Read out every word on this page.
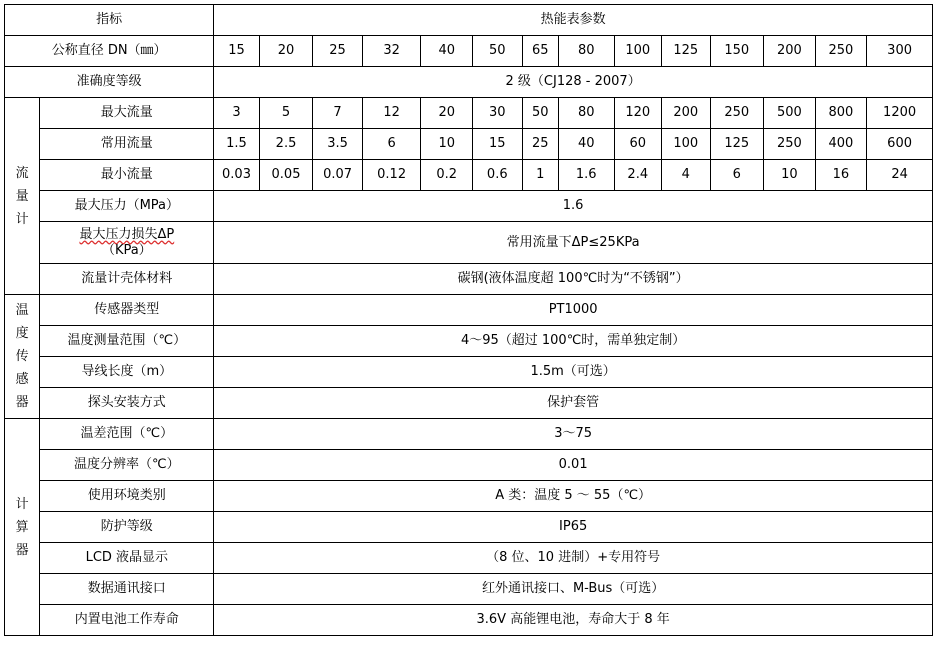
指标		热能表参数													
公称直径 DN（㎜）		15	20	25	32	40	50	65	80	100	125	150	200	250	300
准确度等级		2 级（CJ128 - 2007）													
流量计	最大流量	3	5	7	12	20	30	50	80	120	200	250	500	800	1200
	常用流量	1.5	2.5	3.5	6	10	15	25	40	60	100	125	250	400	600
	最小流量	0.03	0.05	0.07	0.12	0.2	0.6	1	1.6	2.4	4	6	10	16	24
	最大压力（MPa）	1.6													
	最大压力损失ΔP
（KPa）	常用流量下ΔP≤25KPa													
	流量计壳体材料	碳钢(液体温度超 100℃时为“不锈钢”）													
温度传感器	传感器类型	PT1000													
	温度测量范围（℃）	4～95（超过 100℃时，需单独定制）													
	导线长度（m）	1.5m（可选）													
	探头安装方式	保护套管													
计算器	温差范围（℃）	3～75													
	温度分辨率（℃）	0.01													
	使用环境类别	A 类：温度 5 ～ 55（℃）													
	防护等级	IP65													
	LCD 液晶显示	（8 位、10 进制）+专用符号													
	数据通讯接口	红外通讯接口、M-Bus（可选）													
	内置电池工作寿命	3.6V 高能锂电池，寿命大于 8 年													
